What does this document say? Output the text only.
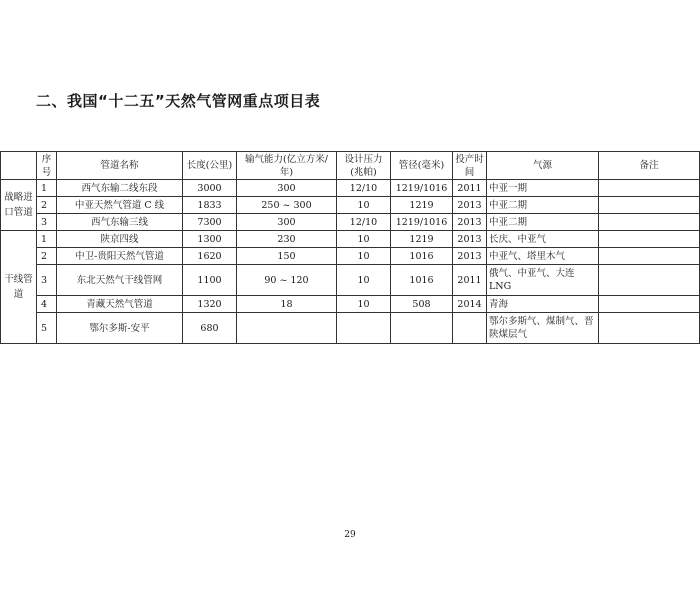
二、我国“十二五”天然气管网重点项目表
	序号	管道名称	长度(公里)	输气能力(亿立方米/年)	设计压力(兆帕)	管径(毫米)	投产时间	气源	备注
战略进口管道	1	西气东输二线东段	3000	300	12/10	1219/1016	2011	中亚一期	
	2	中亚天然气管道 C 线	1833	250 ~ 300	10	1219	2013	中亚二期	
	3	西气东输三线	7300	300	12/10	1219/1016	2013	中亚二期	
干线管道	1	陕京四线	1300	230	10	1219	2013	长庆、中亚气	
	2	中卫-贵阳天然气管道	1620	150	10	1016	2013	中亚气、塔里木气	
	3	东北天然气干线管网	1100	90 ~ 120	10	1016	2011	俄气、中亚气、大连 LNG	
	4	青藏天然气管道	1320	18	10	508	2014	青海	
	5	鄂尔多斯-安平	680					鄂尔多斯气、煤制气、晋陕煤层气	
29
